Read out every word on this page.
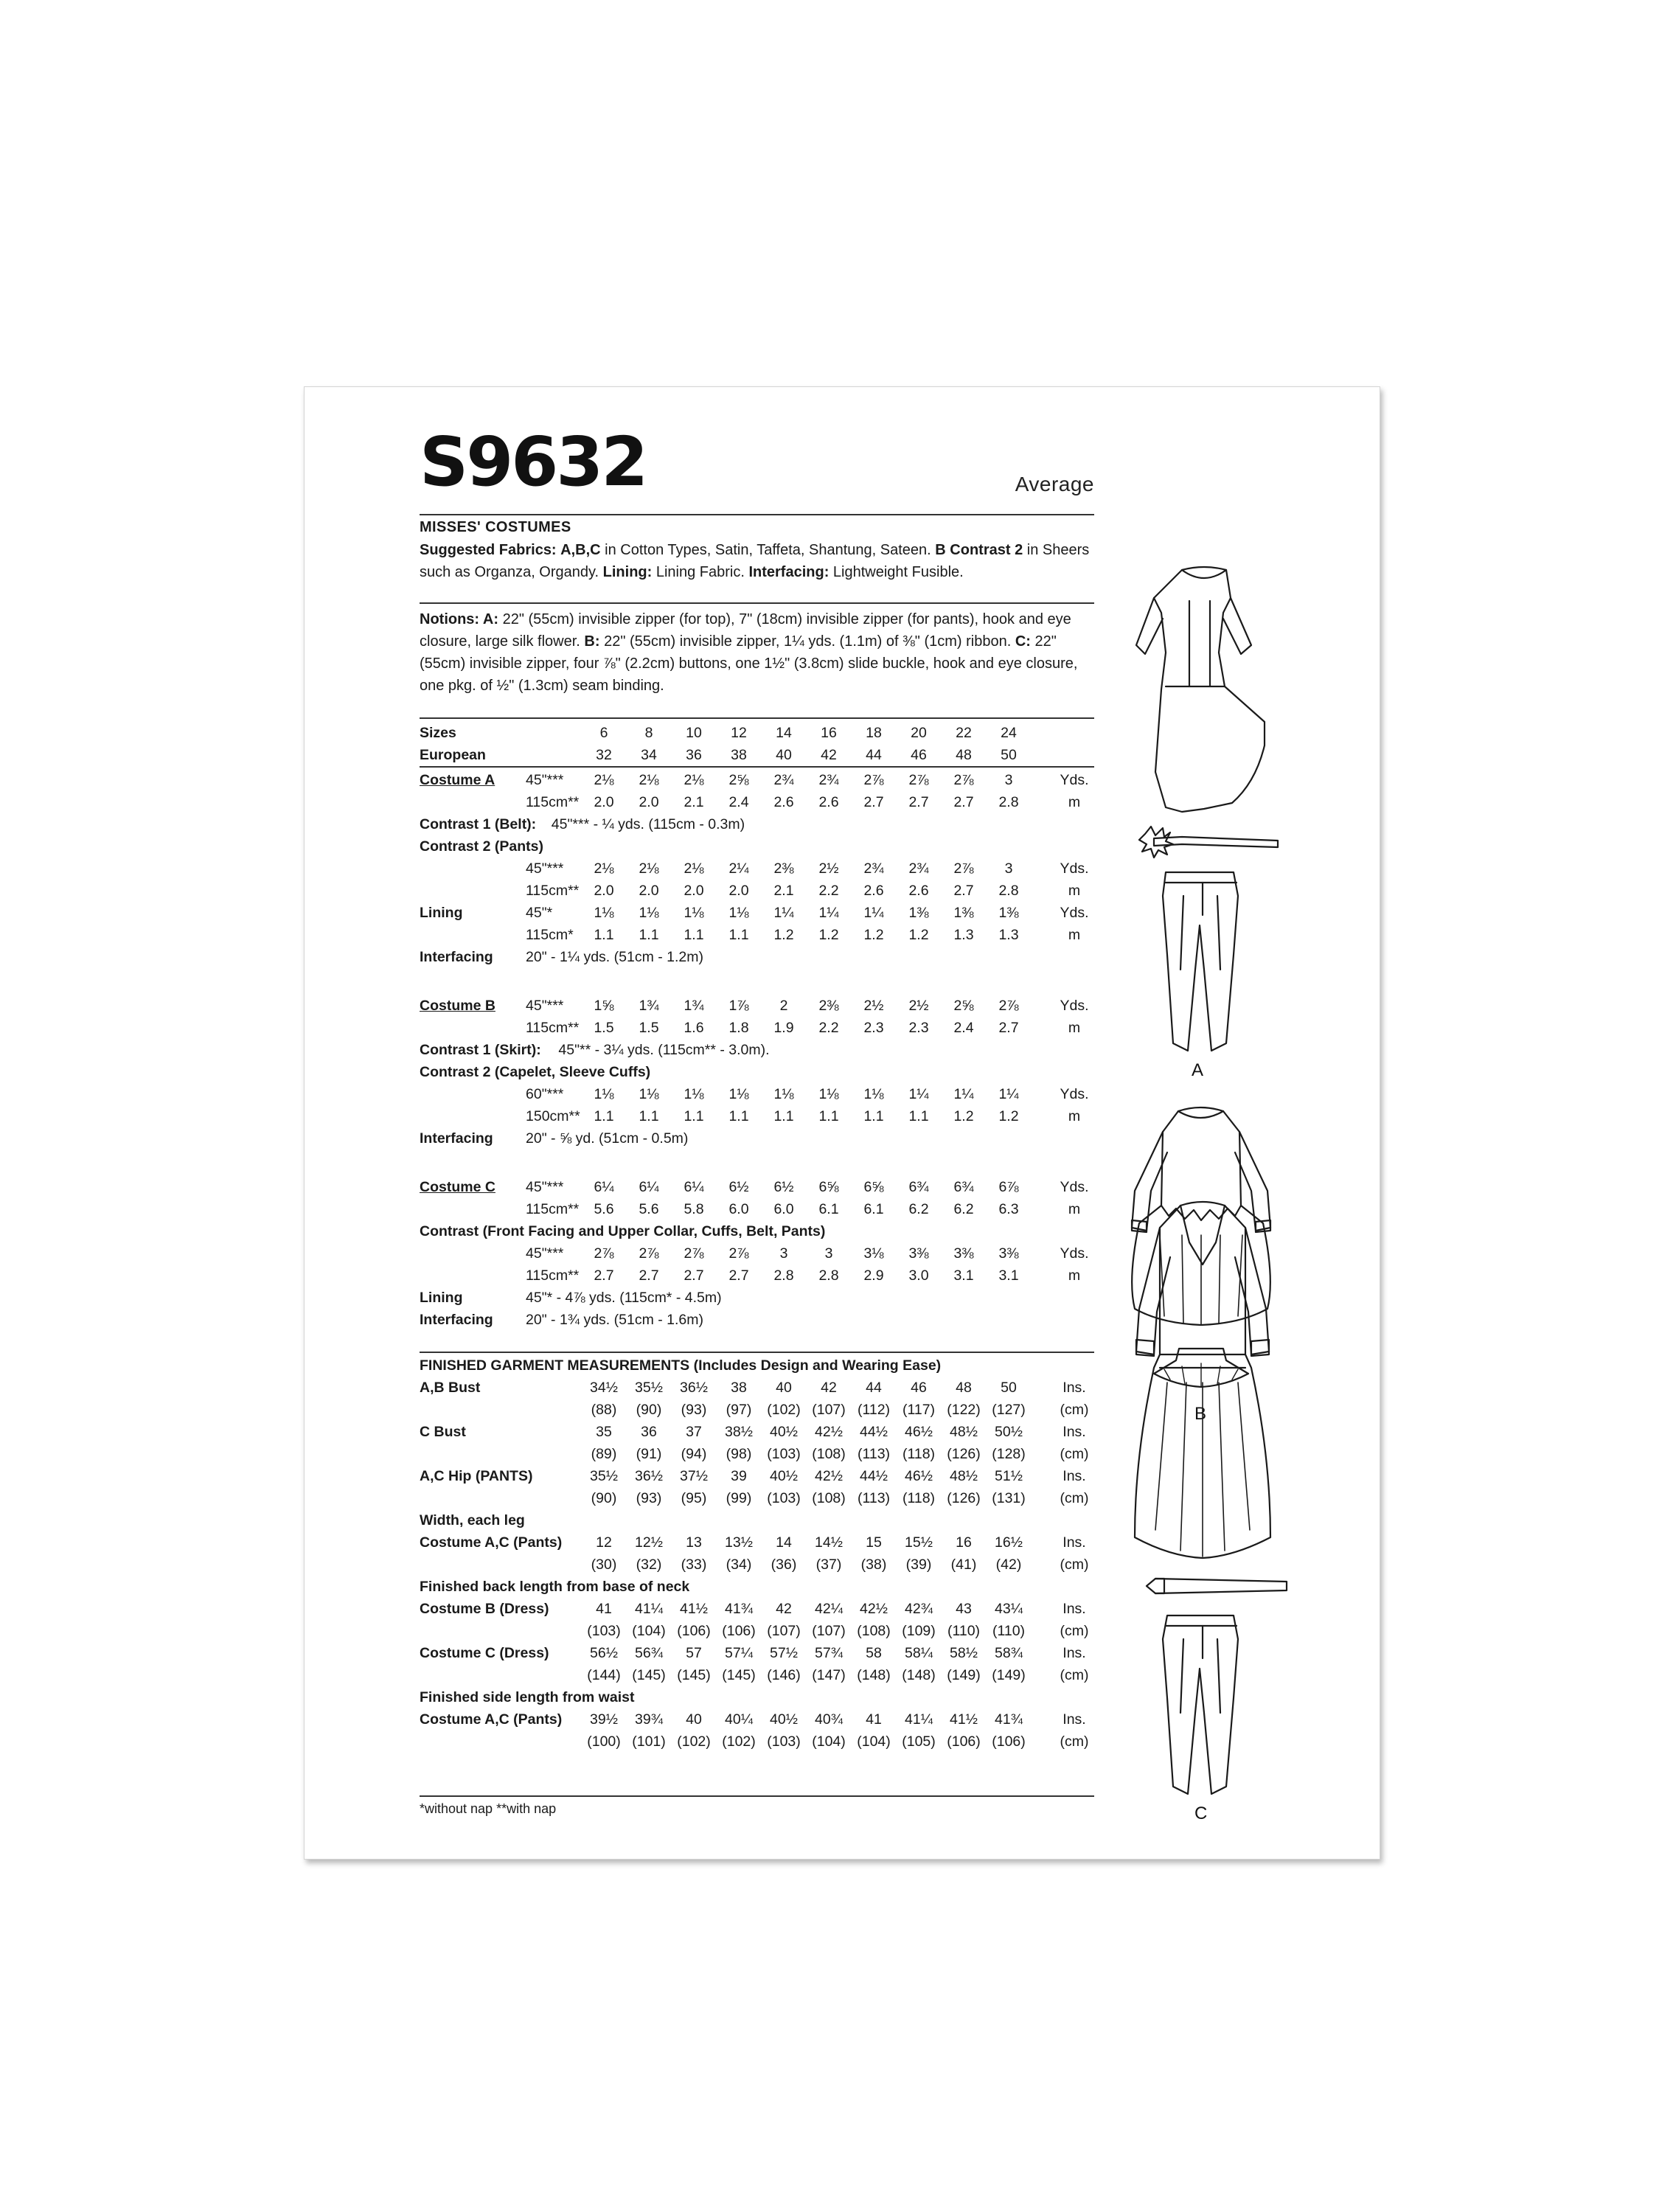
S9632	Average
MISSES' COSTUMES
Suggested Fabrics: A,B,C in Cotton Types, Satin, Taffeta, Shantung, Sateen. B Contrast 2 in Sheers such as Organza, Organdy. Lining: Lining Fabric. Interfacing: Lightweight Fusible.
Notions: A: 22" (55cm) invisible zipper (for top), 7" (18cm) invisible zipper (for pants), hook and eye closure, large silk flower. B: 22" (55cm) invisible zipper, 1¼ yds. (1.1m) of ⅜" (1cm) ribbon. C: 22" (55cm) invisible zipper, four ⅞" (2.2cm) buttons, one 1½" (3.8cm) slide buckle, hook and eye closure, one pkg. of ½" (1.3cm) seam binding.
Sizes	6	8	10	12	14	16	18	20	22	24
European	32	34	36	38	40	42	44	46	48	50
Costume A 45"***	2⅛	2⅛	2⅛	2⅝	2¾	2¾	2⅞	2⅞	2⅞	3	Yds.
115cm**	2.0	2.0	2.1	2.4	2.6	2.6	2.7	2.7	2.7	2.8	m
Contrast 1 (Belt): 45"*** - ¼ yds. (115cm - 0.3m)
Contrast 2 (Pants)
45"***	2⅛	2⅛	2⅛	2¼	2⅜	2½	2¾	2¾	2⅞	3	Yds.
115cm**	2.0	2.0	2.0	2.0	2.1	2.2	2.6	2.6	2.7	2.8	m
Lining	45"*	1⅛	1⅛	1⅛	1⅛	1¼	1¼	1¼	1⅜	1⅜	1⅜	Yds.
115cm*	1.1	1.1	1.1	1.1	1.2	1.2	1.2	1.2	1.3	1.3	m
Interfacing 20" - 1¼ yds. (51cm - 1.2m)
Costume B 45"***	1⅝	1¾	1¾	1⅞	2	2⅜	2½	2½	2⅝	2⅞	Yds.
115cm**	1.5	1.5	1.6	1.8	1.9	2.2	2.3	2.3	2.4	2.7	m
Contrast 1 (Skirt): 45"** - 3¼ yds. (115cm** - 3.0m).
Contrast 2 (Capelet, Sleeve Cuffs)
60"***	1⅛	1⅛	1⅛	1⅛	1⅛	1⅛	1⅛	1¼	1¼	1¼	Yds.
150cm** 1.1	1.1	1.1	1.1	1.1	1.1	1.1	1.1	1.2	1.2	m
Interfacing 20" - ⅝ yd. (51cm - 0.5m)
Costume C 45"***	6¼	6¼	6¼	6½	6½	6⅝	6⅝	6¾	6¾	6⅞	Yds.
115cm**	5.6	5.6	5.8	6.0	6.0	6.1	6.1	6.2	6.2	6.3	m
Contrast (Front Facing and Upper Collar, Cuffs, Belt, Pants)
45"***	2⅞	2⅞	2⅞	2⅞	3	3	3⅛	3⅜	3⅜	3⅜	Yds.
115cm**	2.7	2.7	2.7	2.7	2.8	2.8	2.9	3.0	3.1	3.1	m
Lining	45"* - 4⅞ yds. (115cm* - 4.5m)
Interfacing 20" - 1¾ yds. (51cm - 1.6m)
FINISHED GARMENT MEASUREMENTS (Includes Design and Wearing Ease)
A,B Bust	34½	35½	36½	38	40	42	44	46	48	50	Ins.
(88)	(90)	(93)	(97)	(102) (107) (112) (117) (122) (127)	(cm)
C Bust	35	36	37	38½	40½	42½	44½	46½	48½	50½	Ins.
(89)	(91)	(94)	(98)	(103) (108) (113) (118) (126) (128)	(cm)
A,C Hip (PANTS)	35½	36½	37½	39	40½	42½	44½	46½	48½	51½	Ins.
(90)	(93)	(95)	(99)	(103) (108) (113) (118) (126) (131)	(cm)
Width, each leg
Costume A,C (Pants)	12	12½	13	13½	14	14½	15	15½	16	16½	Ins.
(30)	(32)	(33)	(34)	(36)	(37)	(38)	(39)	(41)	(42)	(cm)
Finished back length from base of neck
Costume B (Dress)	41	41¼	41½	41¾	42	42¼	42½	42¾	43	43¼	Ins.
(103) (104) (106) (106) (107) (107) (108) (109) (110) (110)	(cm)
Costume C (Dress)	56½	56¾	57	57¼	57½	57¾	58	58¼	58½	58¾	Ins.
(144) (145) (145) (145) (146) (147) (148) (148) (149) (149)	(cm)
Finished side length from waist
Costume A,C (Pants)	39½	39¾	40	40¼	40½	40¾	41	41¼	41½	41¾	Ins.
(100) (101) (102) (102) (103) (104) (104) (105) (106) (106)	(cm)
*without nap **with nap
A
B
C
